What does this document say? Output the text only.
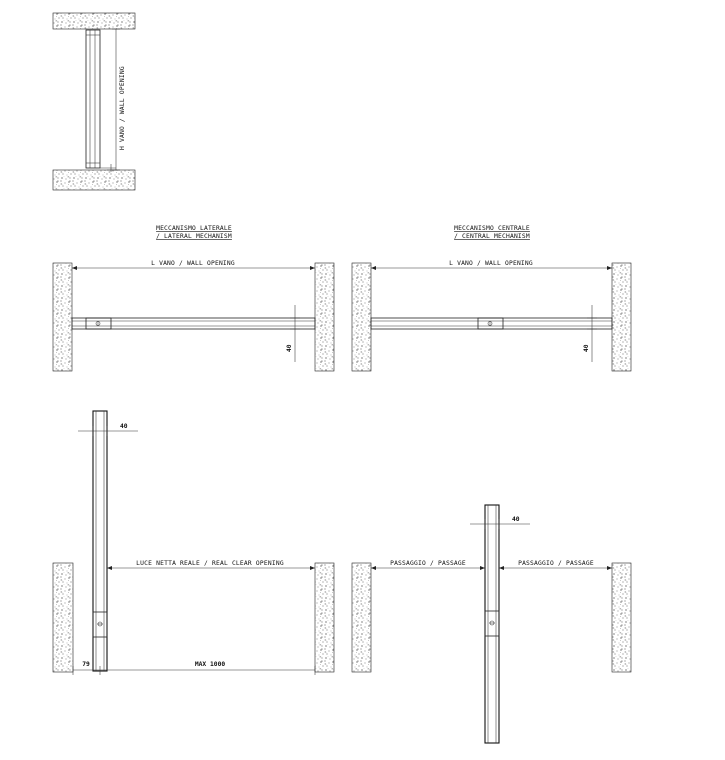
H VANO / WALL OPENING
MECCANISMO LATERALE
/ LATERAL MECHANISM
L VANO / WALL OPENING
40
MECCANISMO CENTRALE
/ CENTRAL MECHANISM
L VANO / WALL OPENING
40
40
LUCE NETTA REALE / REAL CLEAR OPENING
79	MAX 1000
40
PASSAGGIO / PASSAGE	PASSAGGIO / PASSAGE
